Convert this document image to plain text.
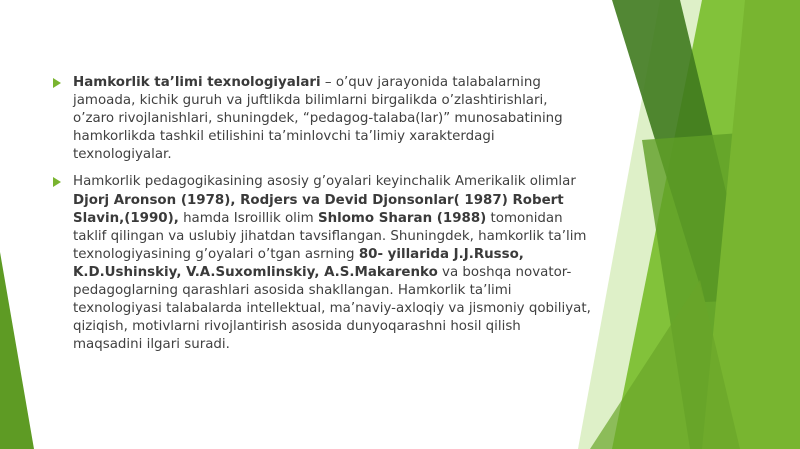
Hamkorlik ta’limi texnologiyalari – o’quv jarayonida talabalarning jamoada, kichik guruh va juftlikda bilimlarni birgalikda o’zlashtirishlari, o’zaro rivojlanishlari, shuningdek, “pedagog-talaba(lar)” munosabatining hamkorlikda tashkil etilishini ta’minlovchi ta’limiy xarakterdagi texnologiyalar.
Hamkorlik pedagogikasining asosiy g’oyalari keyinchalik Amerikalik olimlar Djorj Aronson (1978), Rodjers va Devid Djonsonlar( 1987) Robert Slavin,(1990), hamda Isroillik olim Shlomo Sharan (1988) tomonidan taklif qilingan va uslubiy jihatdan tavsiflangan. Shuningdek, hamkorlik ta’lim texnologiyasining g’oyalari o’tgan asrning 80- yillarida J.J.Russo, K.D.Ushinskiy, V.A.Suxomlinskiy, A.S.Makarenko va boshqa novator-pedagoglarning qarashlari asosida shakllangan. Hamkorlik ta’limi texnologiyasi talabalarda intellektual, ma’naviy-axloqiy va jismoniy qobiliyat, qiziqish, motivlarni rivojlantirish asosida dunyoqarashni hosil qilish maqsadini ilgari suradi.
